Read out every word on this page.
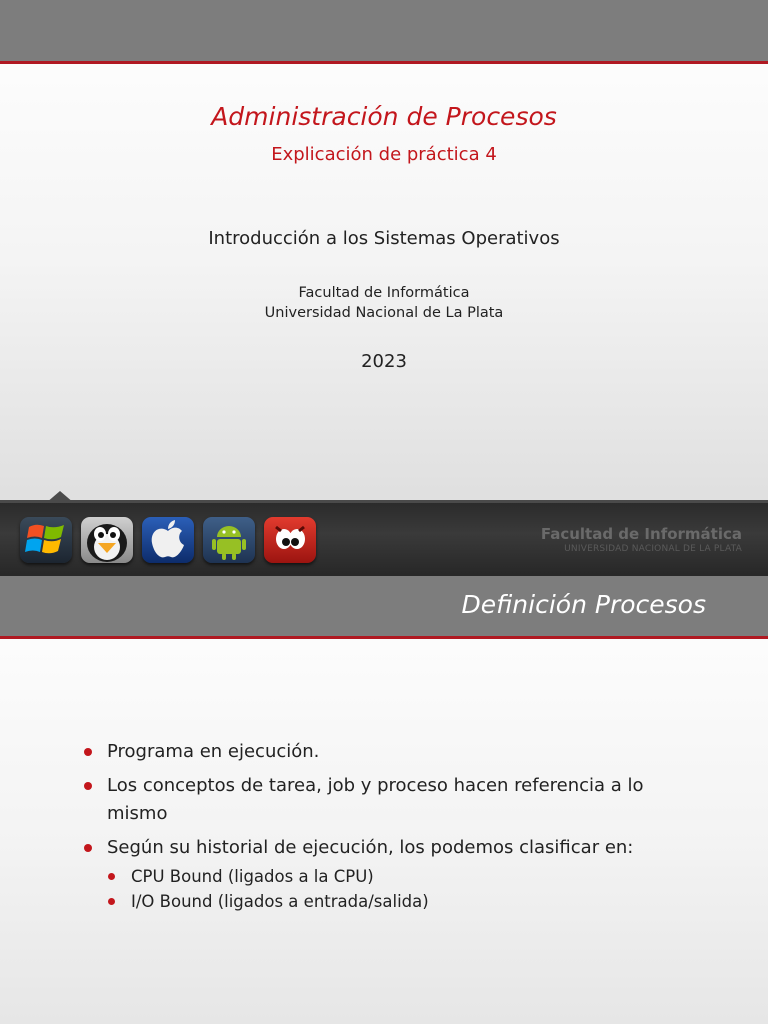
Administración de Procesos
Explicación de práctica 4
Introducción a los Sistemas Operativos
Facultad de Informática
Universidad Nacional de La Plata
2023
Facultad de Informática
UNIVERSIDAD NACIONAL DE LA PLATA
Definición Procesos
Programa en ejecución.
Los conceptos de tarea, job y proceso hacen referencia a lo mismo
Según su historial de ejecución, los podemos clasificar en:
CPU Bound (ligados a la CPU)
I/O Bound (ligados a entrada/salida)
